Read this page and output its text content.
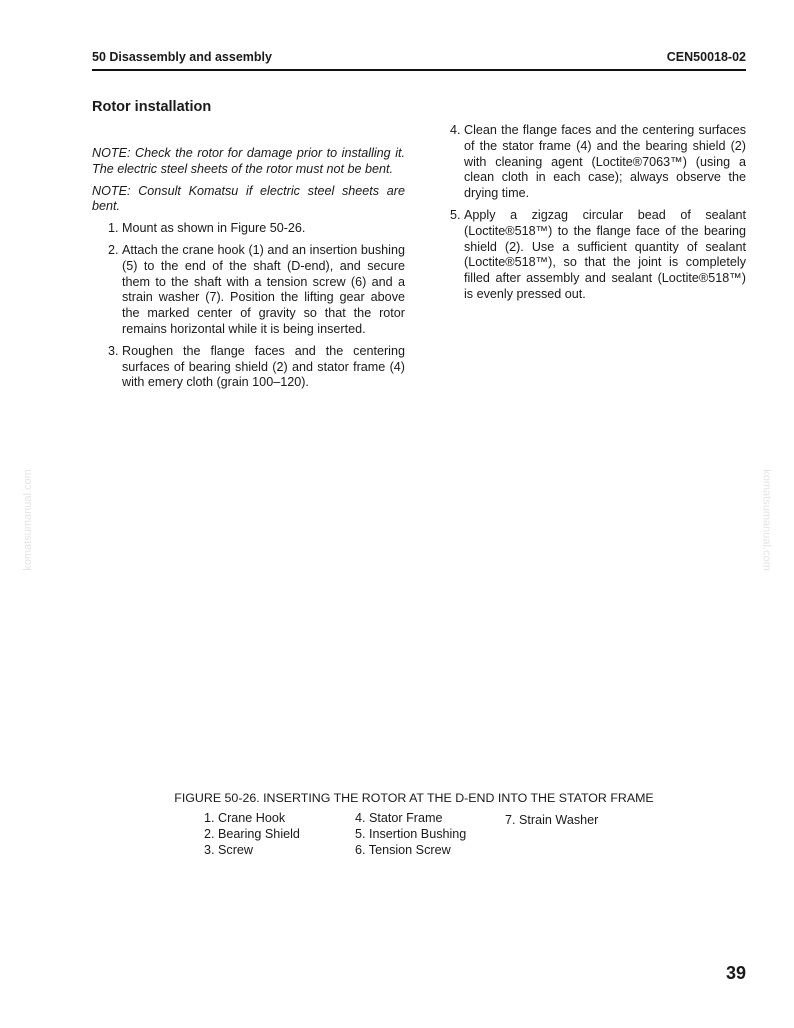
50 Disassembly and assembly	CEN50018-02
Rotor installation

NOTE: Check the rotor for damage prior to installing it. The electric steel sheets of the rotor must not be bent.

NOTE: Consult Komatsu if electric steel sheets are bent.

1. Mount as shown in Figure 50-26.
2. Attach the crane hook (1) and an insertion bushing (5) to the end of the shaft (D-end), and secure them to the shaft with a tension screw (6) and a strain washer (7). Position the lifting gear above the marked center of gravity so that the rotor remains horizontal while it is being inserted.
3. Roughen the flange faces and the centering surfaces of bearing shield (2) and stator frame (4) with emery cloth (grain 100–120).
4. Clean the flange faces and the centering surfaces of the stator frame (4) and the bearing shield (2) with cleaning agent (Loctite®7063™) (using a clean cloth in each case); always observe the drying time.
5. Apply a zigzag circular bead of sealant (Loctite®518™) to the flange face of the bearing shield (2). Use a sufficient quantity of sealant (Loctite®518™), so that the joint is completely filled after assembly and sealant (Loctite®518™) is evenly pressed out.
komatsumanual.com	komatsumanual.com
FIGURE 50-26. INSERTING THE ROTOR AT THE D-END INTO THE STATOR FRAME
1. Crane Hook
2. Bearing Shield
3. Screw
4. Stator Frame
5. Insertion Bushing
6. Tension Screw
7. Strain Washer
39
